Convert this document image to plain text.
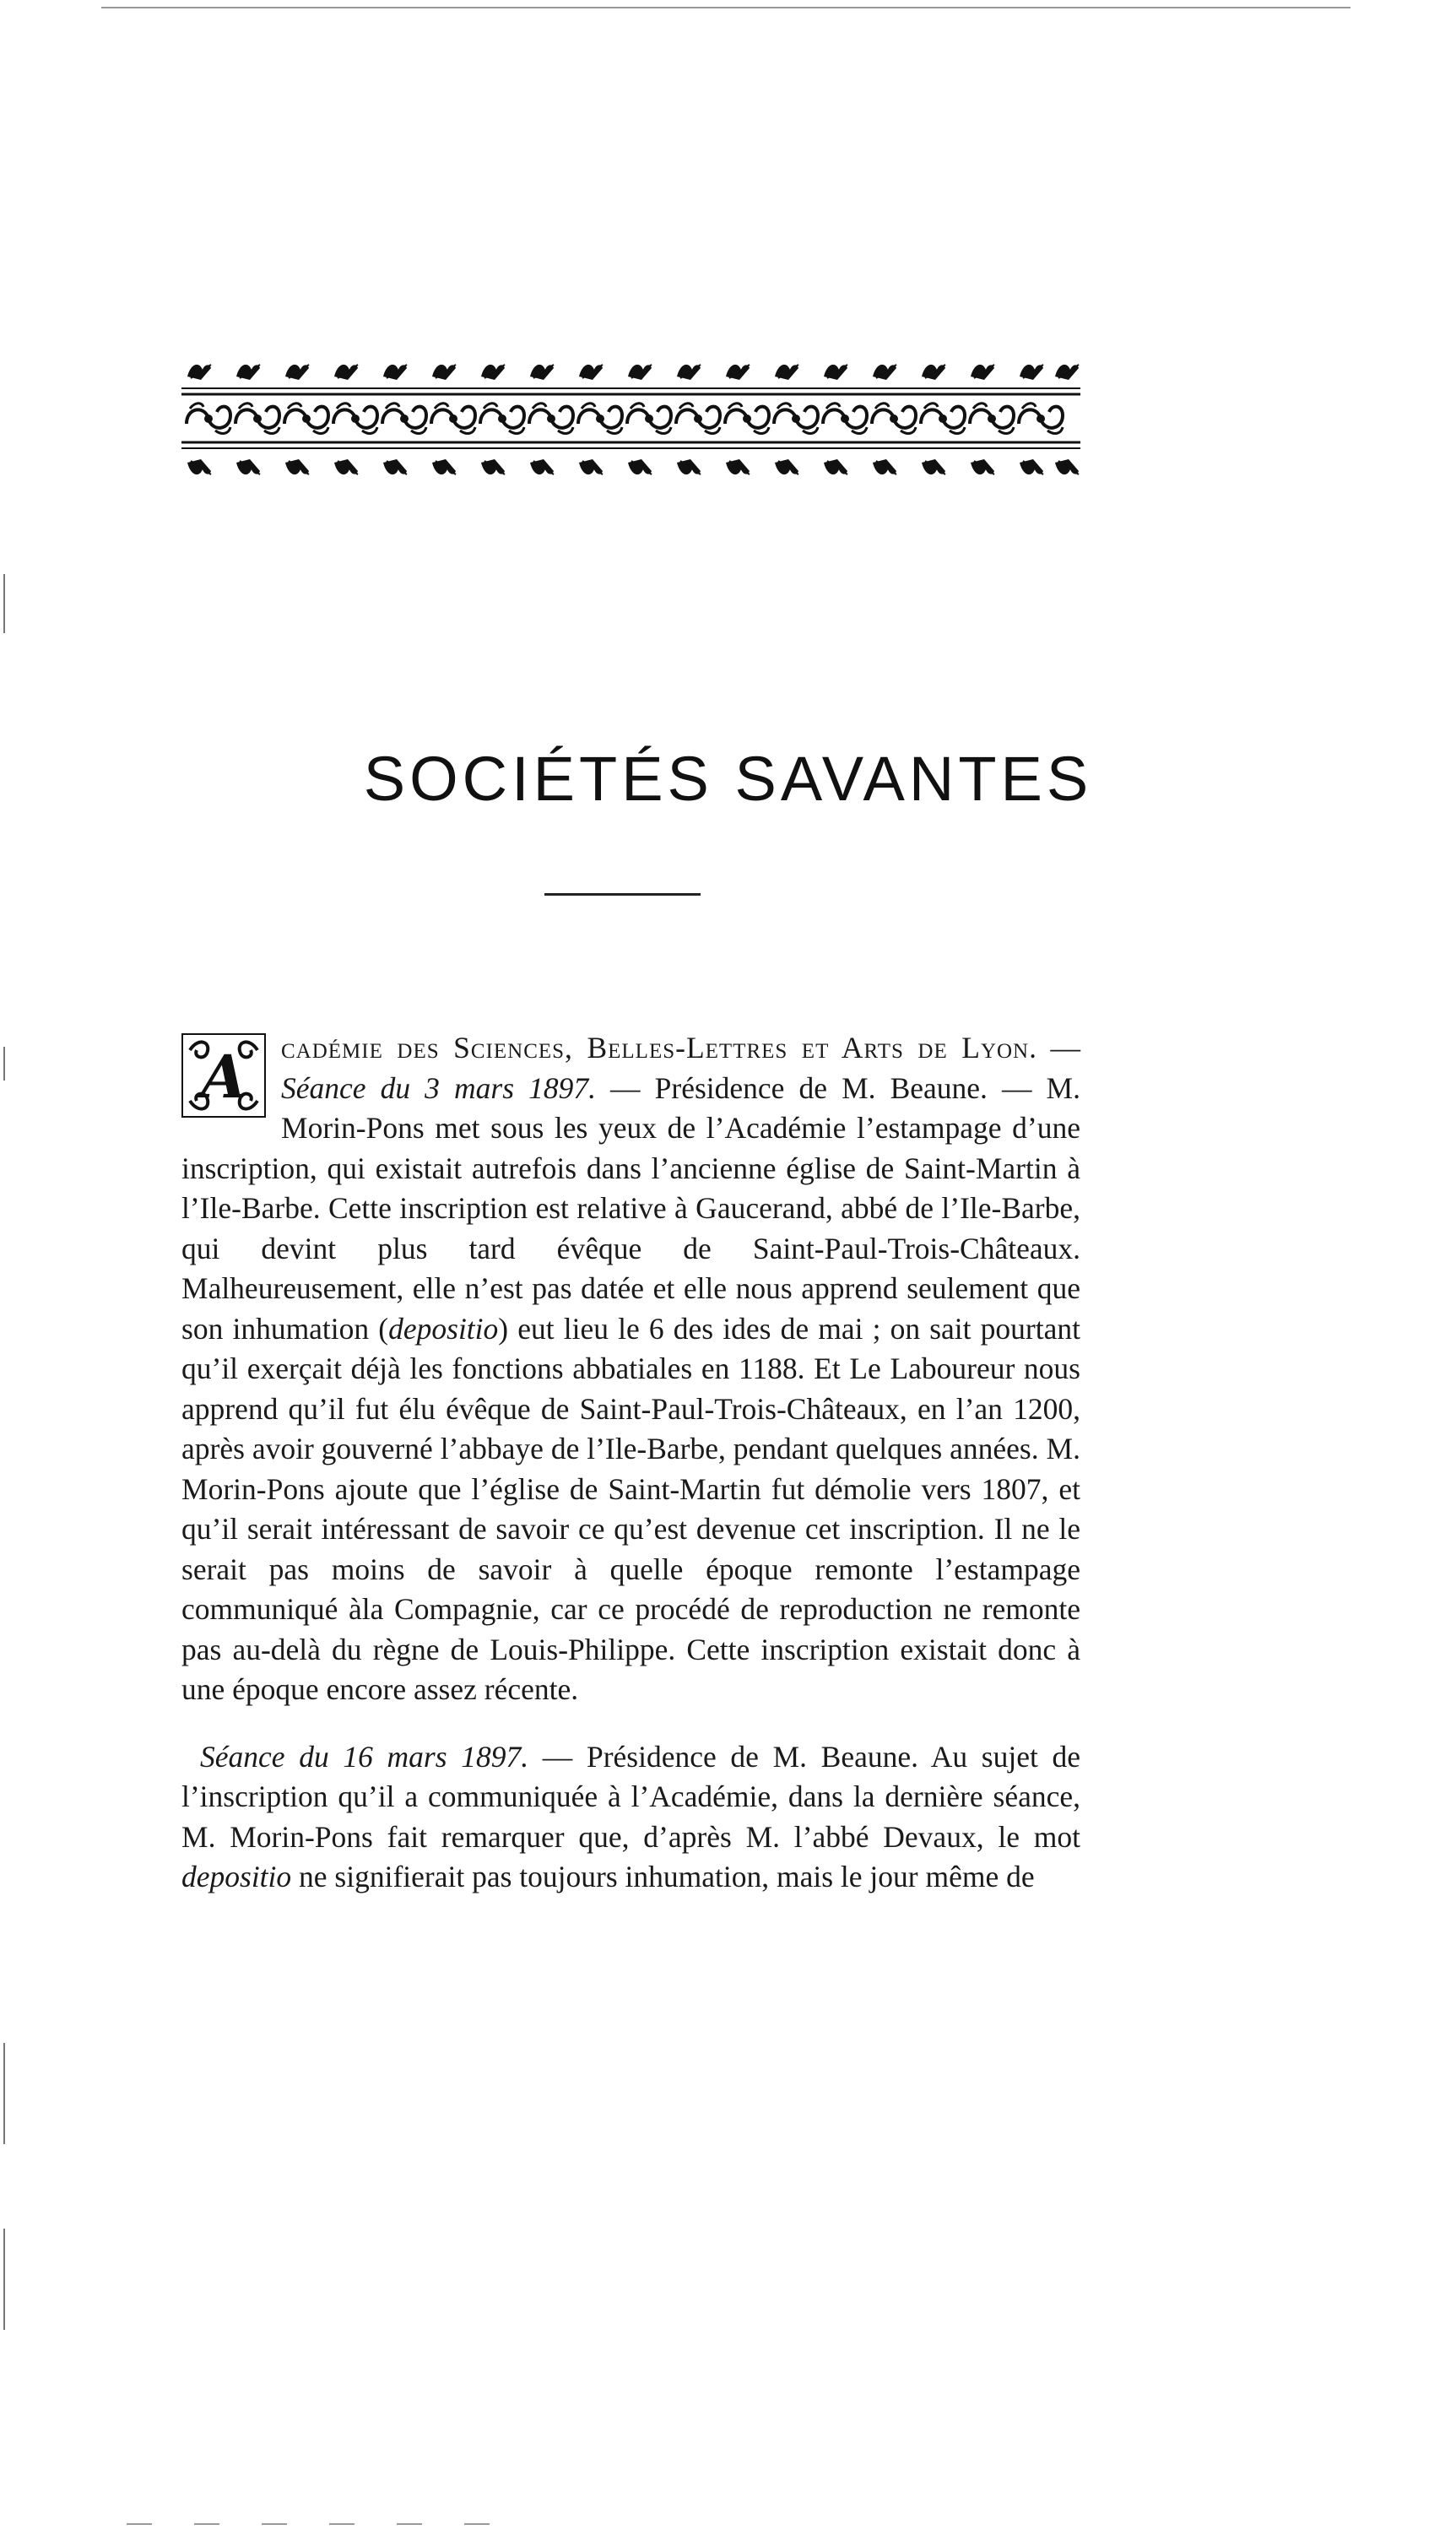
SOCIÉTÉS SAVANTES

A cadémie des Sciences, Belles-Lettres et Arts de Lyon. — Séance du 3 mars 1897. — Présidence de M. Beaune. — M. Morin-Pons met sous les yeux de l’Académie l’estampage d’une inscription, qui existait autrefois dans l’ancienne église de Saint-Martin à l’Ile-Barbe. Cette inscription est relative à Gaucerand, abbé de l’Ile-Barbe, qui devint plus tard évêque de Saint-Paul-Trois-Châteaux. Malheureusement, elle n’est pas datée et elle nous apprend seulement que son inhumation (depositio) eut lieu le 6 des ides de mai ; on sait pourtant qu’il exerçait déjà les fonctions abbatiales en 1188. Et Le Laboureur nous apprend qu’il fut élu évêque de Saint-Paul-Trois-Châteaux, en l’an 1200, après avoir gouverné l’abbaye de l’Ile-Barbe, pendant quelques années. M. Morin-Pons ajoute que l’église de Saint-Martin fut démolie vers 1807, et qu’il serait intéressant de savoir ce qu’est devenue cet inscription. Il ne le serait pas moins de savoir à quelle époque remonte l’estampage communiqué àla Compagnie, car ce procédé de reproduction ne remonte pas au-delà du règne de Louis-Philippe. Cette inscription existait donc à une époque encore assez récente.

Séance du 16 mars 1897. — Présidence de M. Beaune. Au sujet de l’inscription qu’il a communiquée à l’Académie, dans la dernière séance, M. Morin-Pons fait remarquer que, d’après M. l’abbé Devaux, le mot depositio ne signifierait pas toujours inhumation, mais le jour même de
